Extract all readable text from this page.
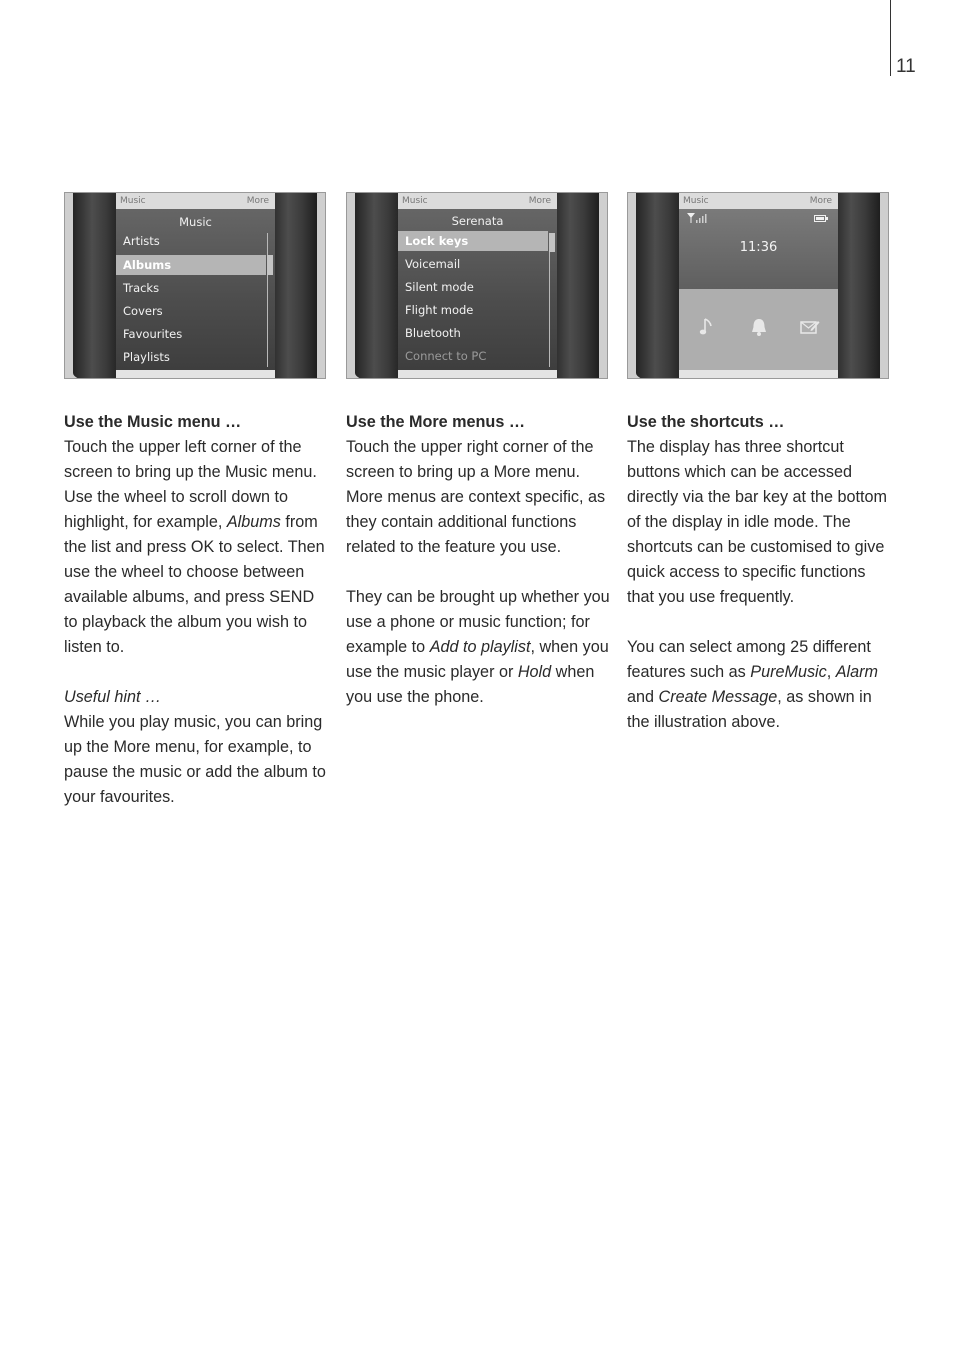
11
Music	More
Music
Artists
Albums
Tracks
Covers
Favourites
Playlists
Music	More
Serenata
Lock keys
Voicemail
Silent mode
Flight mode
Bluetooth
Connect to PC
Music	More
11:36

Use the Music menu …

Touch the upper left corner of the screen to bring up the Music menu. Use the wheel to scroll down to highlight, for example, Albums from the list and press OK to select. Then use the wheel to choose between available albums, and press SEND to playback the album you wish to listen to.

Useful hint …

While you play music, you can bring up the More menu, for example, to pause the music or add the album to your favourites.

Use the More menus …

Touch the upper right corner of the screen to bring up a More menu. More menus are context specific, as they contain additional functions related to the feature you use.

They can be brought up whether you use a phone or music function; for example to Add to playlist, when you use the music player or Hold when you use the phone.

Use the shortcuts …

The display has three shortcut buttons which can be accessed directly via the bar key at the bottom of the display in idle mode. The shortcuts can be customised to give quick access to specific functions that you use frequently.

You can select among 25 different features such as PureMusic, Alarm and Create Message, as shown in the illustration above.
